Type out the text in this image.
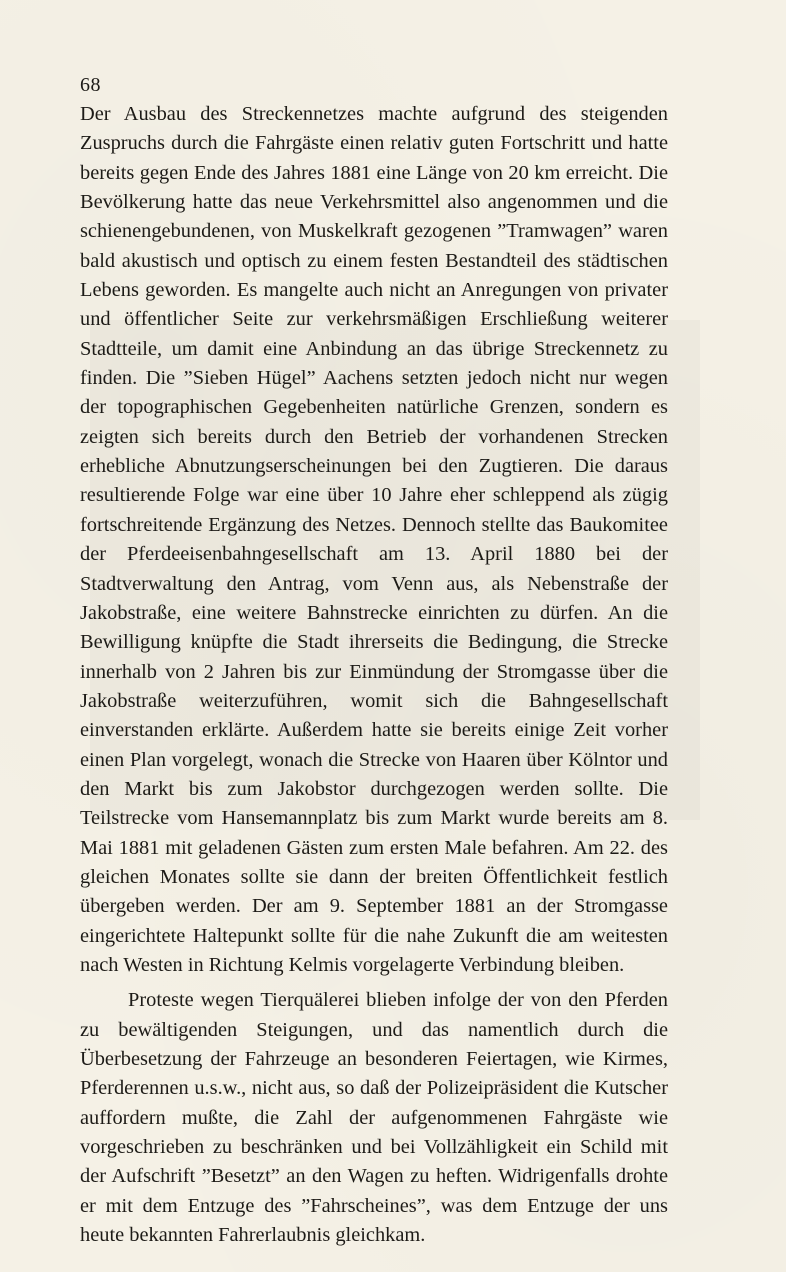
68

Der Ausbau des Streckennetzes machte aufgrund des steigenden Zuspruchs durch die Fahrgäste einen relativ guten Fortschritt und hatte bereits gegen Ende des Jahres 1881 eine Länge von 20 km erreicht. Die Bevölkerung hatte das neue Verkehrsmittel also angenommen und die schienengebundenen, von Muskelkraft gezogenen ”Tramwagen” waren bald akustisch und optisch zu einem festen Bestandteil des städtischen Lebens geworden. Es mangelte auch nicht an Anregungen von privater und öffentlicher Seite zur verkehrsmäßigen Erschließung weiterer Stadtteile, um damit eine Anbindung an das übrige Streckennetz zu finden. Die ”Sieben Hügel” Aachens setzten jedoch nicht nur wegen der topographischen Gegebenheiten natürliche Grenzen, sondern es zeigten sich bereits durch den Betrieb der vorhandenen Strecken erhebliche Abnutzungserscheinungen bei den Zugtieren. Die daraus resultierende Folge war eine über 10 Jahre eher schleppend als zügig fortschreitende Ergänzung des Netzes. Dennoch stellte das Baukomitee der Pferdeeisenbahngesellschaft am 13. April 1880 bei der Stadtverwaltung den Antrag, vom Venn aus, als Nebenstraße der Jakobstraße, eine weitere Bahnstrecke einrichten zu dürfen. An die Bewilligung knüpfte die Stadt ihrerseits die Bedingung, die Strecke innerhalb von 2 Jahren bis zur Einmündung der Stromgasse über die Jakobstraße weiterzuführen, womit sich die Bahngesellschaft einverstanden erklärte. Außerdem hatte sie bereits einige Zeit vorher einen Plan vorgelegt, wonach die Strecke von Haaren über Kölntor und den Markt bis zum Jakobstor durchgezogen werden sollte. Die Teilstrecke vom Hansemannplatz bis zum Markt wurde bereits am 8. Mai 1881 mit geladenen Gästen zum ersten Male befahren. Am 22. des gleichen Monates sollte sie dann der breiten Öffentlichkeit festlich übergeben werden. Der am 9. September 1881 an der Stromgasse eingerichtete Haltepunkt sollte für die nahe Zukunft die am weitesten nach Westen in Richtung Kelmis vorgelagerte Verbindung bleiben.

Proteste wegen Tierquälerei blieben infolge der von den Pferden zu bewältigenden Steigungen, und das namentlich durch die Überbesetzung der Fahrzeuge an besonderen Feiertagen, wie Kirmes, Pferderennen u.s.w., nicht aus, so daß der Polizeipräsident die Kutscher auffordern mußte, die Zahl der aufgenommenen Fahrgäste wie vorgeschrieben zu beschränken und bei Vollzähligkeit ein Schild mit der Aufschrift ”Besetzt” an den Wagen zu heften. Widrigenfalls drohte er mit dem Entzuge des ”Fahrscheines”, was dem Entzuge der uns heute bekannten Fahrerlaubnis gleichkam.
